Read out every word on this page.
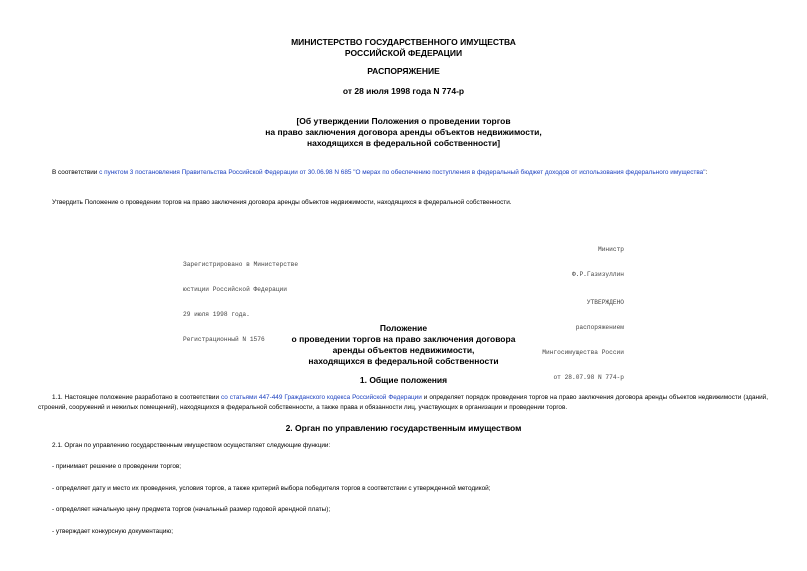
МИНИСТЕРСТВО ГОСУДАРСТВЕННОГО ИМУЩЕСТВА
РОССИЙСКОЙ ФЕДЕРАЦИИ
РАСПОРЯЖЕНИЕ
от 28 июля 1998 года N 774-р
[Об утверждении Положения о проведении торгов
на право заключения договора аренды объектов недвижимости,
находящихся в федеральной собственности]
В соответствии с пунктом 3 постановления Правительства Российской Федерации от 30.06.98 N 685 "О мерах по обеспечению поступления в федеральный бюджет доходов от использования федерального имущества":
Утвердить Положение о проведении торгов на право заключения договора аренды объектов недвижимости, находящихся в федеральной собственности.

Министр

Ф.Р.Газизуллин

Зарегистрировано в Министерстве

юстиции Российской Федерации

29 июля 1998 года.

Регистрационный N 1576

УТВЕРЖДЕНО

распоряжением

Мингосимущества России

от 28.07.98 N 774-р

Положение
о проведении торгов на право заключения договора
аренды объектов недвижимости,
находящихся в федеральной собственности
1. Общие положения
1.1. Настоящее положение разработано в соответствии со статьями 447-449 Гражданского кодекса Российской Федерации и определяет порядок проведения торгов на право заключения договора аренды объектов недвижимости (зданий, строений, сооружений и нежилых помещений), находящихся в федеральной собственности, а также права и обязанности лиц, участвующих в организации и проведении торгов.
2. Орган по управлению государственным имуществом
2.1. Орган по управлению государственным имуществом осуществляет следующие функции:
- принимает решение о проведении торгов;
- определяет дату и место их проведения, условия торгов, а также критерий выбора победителя торгов в соответствии с утвержденной методикой;
- определяет начальную цену предмета торгов (начальный размер годовой арендной платы);
- утверждает конкурсную документацию;
